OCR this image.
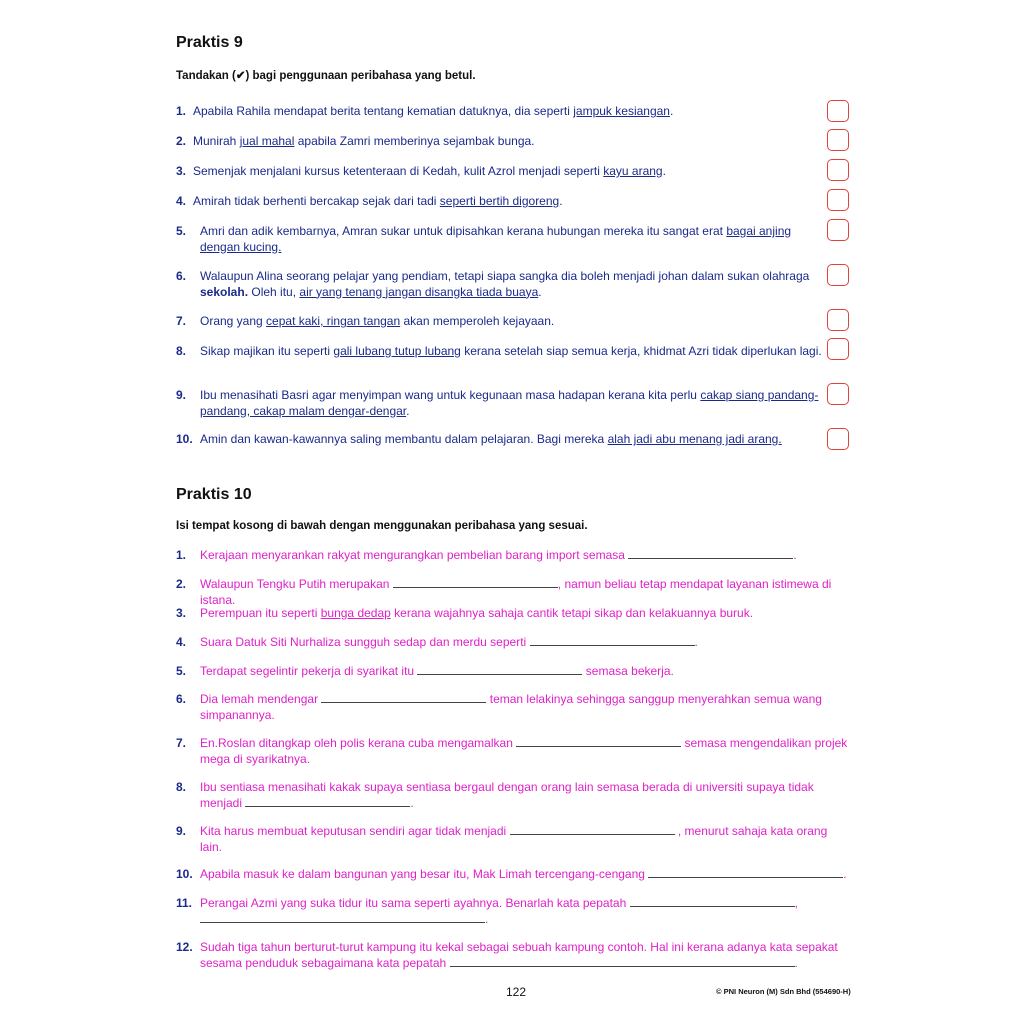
Praktis 9
Tandakan (✔) bagi penggunaan peribahasa yang betul.
1. Apabila Rahila mendapat berita tentang kematian datuknya, dia seperti jampuk kesiangan.
2. Munirah jual mahal apabila Zamri memberinya sejambak bunga.
3. Semenjak menjalani kursus ketenteraan di Kedah, kulit Azrol menjadi seperti kayu arang.
4. Amirah tidak berhenti bercakap sejak dari tadi seperti bertih digoreng.
5.	Amri dan adik kembarnya, Amran sukar untuk dipisahkan kerana hubungan mereka itu sangat erat bagai anjing dengan kucing.
6.	Walaupun Alina seorang pelajar yang pendiam, tetapi siapa sangka dia boleh menjadi johan dalam sukan olahraga sekolah. Oleh itu, air yang tenang jangan disangka tiada buaya.
7.	Orang yang cepat kaki, ringan tangan akan memperoleh kejayaan.
8.	Sikap majikan itu seperti gali lubang tutup lubang kerana setelah siap semua kerja, khidmat Azri tidak diperlukan lagi.
9.	Ibu menasihati Basri agar menyimpan wang untuk kegunaan masa hadapan kerana kita perlu cakap siang pandang-pandang, cakap malam dengar-dengar.
10. Amin dan kawan-kawannya saling membantu dalam pelajaran. Bagi mereka alah jadi abu menang jadi arang.
Praktis 10
Isi tempat kosong di bawah dengan menggunakan peribahasa yang sesuai.
1.	Kerajaan menyarankan rakyat mengurangkan pembelian barang import semasa	.
2.	Walaupun Tengku Putih merupakan	, namun beliau tetap mendapat layanan istimewa di istana.
3.	Perempuan itu seperti bunga dedap kerana wajahnya sahaja cantik tetapi sikap dan kelakuannya buruk.
4.	Suara Datuk Siti Nurhaliza sungguh sedap dan merdu seperti	.
5.	Terdapat segelintir pekerja di syarikat itu	semasa bekerja.
6.	Dia lemah mendengar	teman lelakinya sehingga sanggup menyerahkan semua wang simpanannya.
7.	En.Roslan ditangkap oleh polis kerana cuba mengamalkan	semasa mengendalikan projek mega di syarikatnya.
8.	Ibu sentiasa menasihati kakak supaya sentiasa bergaul dengan orang lain semasa berada di universiti supaya tidak menjadi	.
9.	Kita harus membuat keputusan sendiri agar tidak menjadi	, menurut sahaja kata orang lain.
10. Apabila masuk ke dalam bangunan yang besar itu, Mak Limah tercengang-cengang	.
11. Perangai Azmi yang suka tidur itu sama seperti ayahnya. Benarlah kata pepatah	,
.
12. Sudah tiga tahun berturut-turut kampung itu kekal sebagai sebuah kampung contoh. Hal ini kerana adanya kata sepakat sesama penduduk sebagaimana kata pepatah	.
122	© PNI Neuron (M) Sdn Bhd (554690-H)
